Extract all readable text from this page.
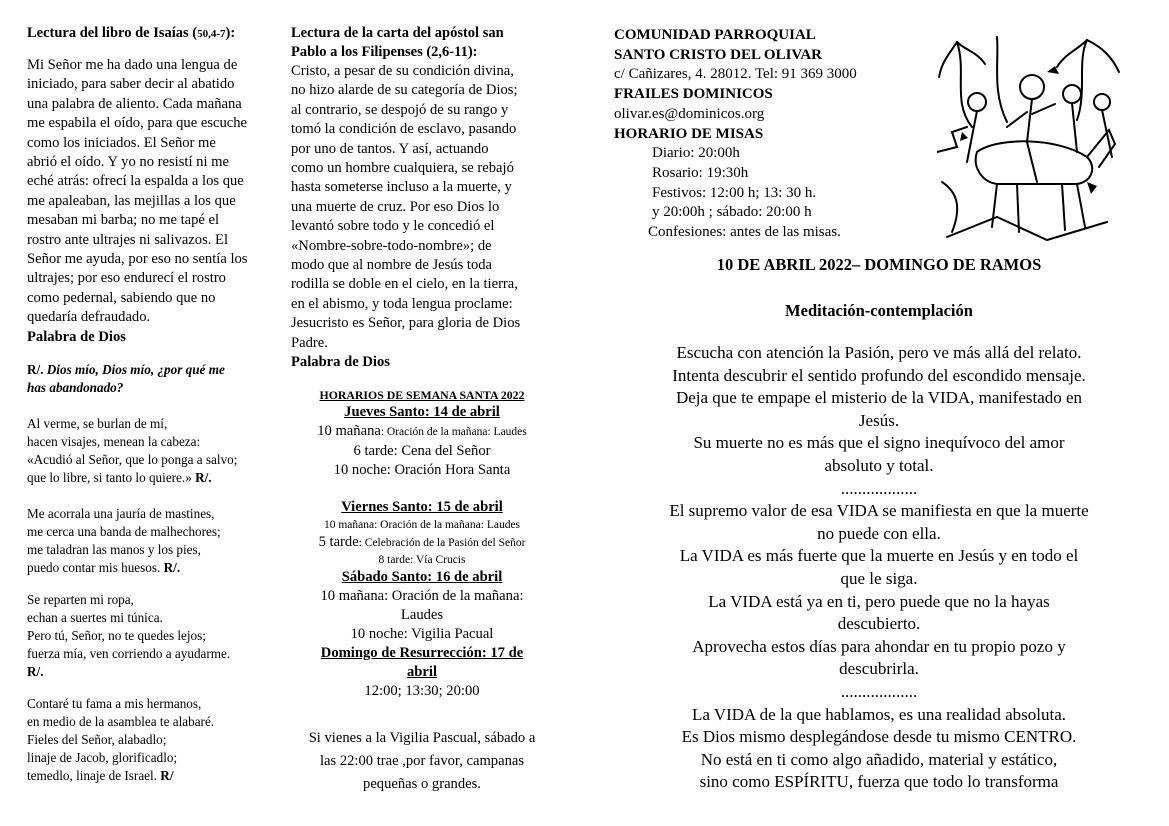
Lectura del libro de Isaías (50,4-7):
Mi Señor me ha dado una lengua de
iniciado, para saber decir al abatido
una palabra de aliento. Cada mañana
me espabila el oído, para que escuche
como los iniciados. El Señor me
abrió el oído. Y yo no resistí ni me
eché atrás: ofrecí la espalda a los que
me apaleaban, las mejillas a los que
mesaban mi barba; no me tapé el
rostro ante ultrajes ni salivazos. El
Señor me ayuda, por eso no sentía los
ultrajes; por eso endurecí el rostro
como pedernal, sabiendo que no
quedaría defraudado.
Palabra de Dios
R/. Dios mío, Dios mío, ¿por qué me
has abandonado?
Al verme, se burlan de mí,
hacen visajes, menean la cabeza:
«Acudió al Señor, que lo ponga a salvo;
que lo libre, si tanto lo quiere.» R/.
Me acorrala una jauría de mastines,
me cerca una banda de malhechores;
me taladran las manos y los pies,
puedo contar mis huesos. R/.
Se reparten mi ropa,
echan a suertes mi túnica.
Pero tú, Señor, no te quedes lejos;
fuerza mía, ven corriendo a ayudarme.
R/.
Contaré tu fama a mis hermanos,
en medio de la asamblea te alabaré.
Fieles del Señor, alabadlo;
linaje de Jacob, glorificadlo;
temedlo, linaje de Israel. R/
Lectura de la carta del apóstol san
Pablo a los Filipenses (2,6-11):
Cristo, a pesar de su condición divina,
no hizo alarde de su categoría de Dios;
al contrario, se despojó de su rango y
tomó la condición de esclavo, pasando
por uno de tantos. Y así, actuando
como un hombre cualquiera, se rebajó
hasta someterse incluso a la muerte, y
una muerte de cruz. Por eso Dios lo
levantó sobre todo y le concedió el
«Nombre-sobre-todo-nombre»; de
modo que al nombre de Jesús toda
rodilla se doble en el cielo, en la tierra,
en el abismo, y toda lengua proclame:
Jesucristo es Señor, para gloria de Dios
Padre.
Palabra de Dios
HORARIOS DE SEMANA SANTA 2022
Jueves Santo: 14 de abril
10 mañana: Oración de la mañana: Laudes
6 tarde: Cena del Señor
10 noche: Oración Hora Santa
Viernes Santo: 15 de abril
10 mañana: Oración de la mañana: Laudes
5 tarde: Celebración de la Pasión del Señor
8 tarde: Vía Crucis
Sábado Santo: 16 de abril
10 mañana: Oración de la mañana:
Laudes
10 noche: Vigilia Pacual
Domingo de Resurrección: 17 de
abril
12:00; 13:30; 20:00
Si vienes a la Vigilia Pascual, sábado a
las 22:00 trae ,por favor, campanas
pequeñas o grandes.
COMUNIDAD PARROQUIAL
SANTO CRISTO DEL OLIVAR
c/ Cañizares, 4. 28012. Tel: 91 369 3000
FRAILES DOMINICOS
olivar.es@dominicos.org
HORARIO DE MISAS
Diario: 20:00h
Rosario: 19:30h
Festivos: 12:00 h; 13: 30 h.
y 20:00h ; sábado: 20:00 h
Confesiones: antes de las misas.
10 DE ABRIL 2022– DOMINGO DE RAMOS
Meditación-contemplación
Escucha con atención la Pasión, pero ve más allá del relato.
Intenta descubrir el sentido profundo del escondido mensaje.
Deja que te empape el misterio de la VIDA, manifestado en
Jesús.
Su muerte no es más que el signo inequívoco del amor
absoluto y total.
..................
El supremo valor de esa VIDA se manifiesta en que la muerte
no puede con ella.
La VIDA es más fuerte que la muerte en Jesús y en todo el
que le siga.
La VIDA está ya en ti, pero puede que no la hayas
descubierto.
Aprovecha estos días para ahondar en tu propio pozo y
descubrirla.
..................
La VIDA de la que hablamos, es una realidad absoluta.
Es Dios mismo desplegándose desde tu mismo CENTRO.
No está en ti como algo añadido, material y estático,
sino como ESPÍRITU, fuerza que todo lo transforma
